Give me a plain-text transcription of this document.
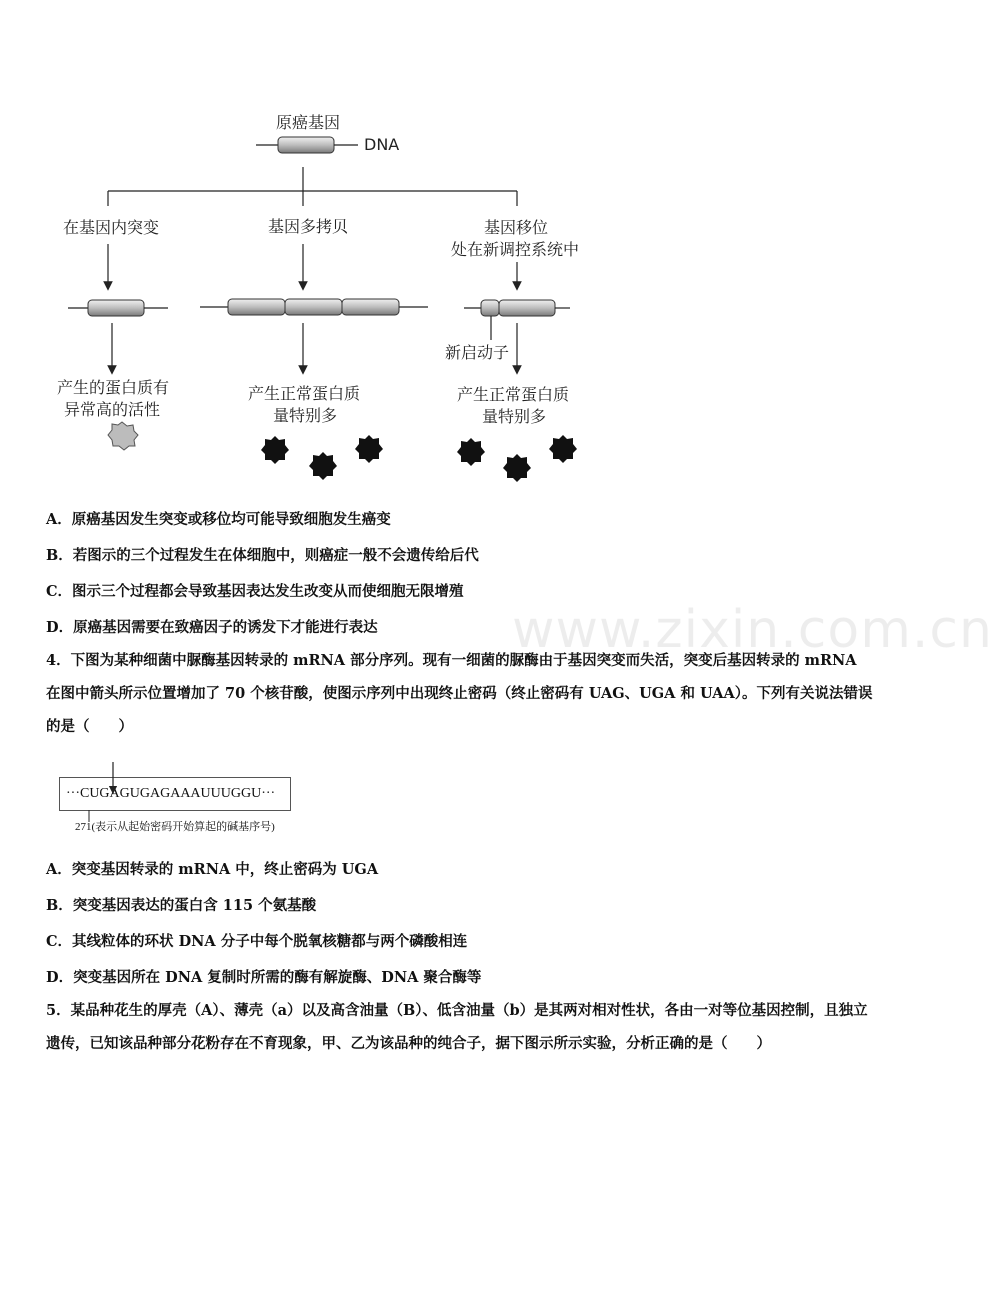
原癌基因
DNA
在基因内突变	基因多拷贝	基因移位
处在新调控系统中
新启动子
产生的蛋白质有
异常高的活性
产生正常蛋白质
量特别多
产生正常蛋白质
量特别多
A．原癌基因发生突变或移位均可能导致细胞发生癌变
B．若图示的三个过程发生在体细胞中，则癌症一般不会遗传给后代
C．图示三个过程都会导致基因表达发生改变从而使细胞无限增殖
D．原癌基因需要在致癌因子的诱发下才能进行表达	www.zixin.com.cn
4．下图为某种细菌中脲酶基因转录的 mRNA 部分序列。现有一细菌的脲酶由于基因突变而失活，突变后基因转录的 mRNA 在图中箭头所示位置增加了 70 个核苷酸，使图示序列中出现终止密码（终止密码有 UAG、UGA 和 UAA）。下列有关说法错误的是（　　）
···CUGAGUGAGAAAUUUGGU···
271(表示从起始密码开始算起的碱基序号)
A．突变基因转录的 mRNA 中，终止密码为 UGA
B．突变基因表达的蛋白含 115 个氨基酸
C．其线粒体的环状 DNA 分子中每个脱氧核糖都与两个磷酸相连
D．突变基因所在 DNA 复制时所需的酶有解旋酶、DNA 聚合酶等
5．某品种花生的厚壳（A）、薄壳（a）以及高含油量（B）、低含油量（b）是其两对相对性状，各由一对等位基因控制，且独立遗传，已知该品种部分花粉存在不育现象，甲、乙为该品种的纯合子，据下图示所示实验，分析正确的是（　　）
